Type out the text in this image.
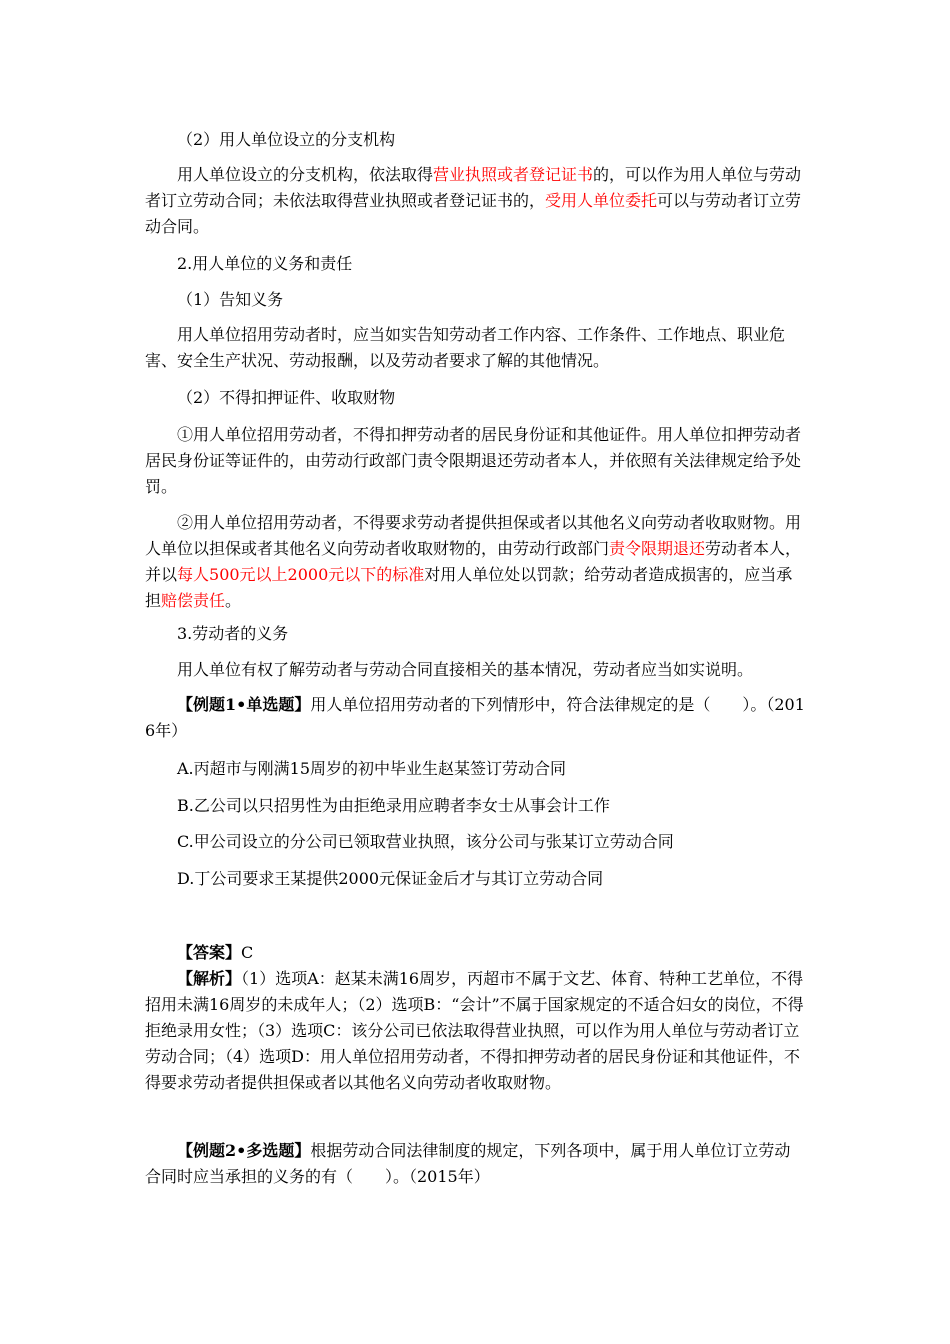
（2）用人单位设立的分支机构

用人单位设立的分支机构，依法取得营业执照或者登记证书的，可以作为用人单位与劳动者订立劳动合同；未依法取得营业执照或者登记证书的，受用人单位委托可以与劳动者订立劳动合同。

2.用人单位的义务和责任

（1）告知义务

用人单位招用劳动者时，应当如实告知劳动者工作内容、工作条件、工作地点、职业危害、安全生产状况、劳动报酬，以及劳动者要求了解的其他情况。

（2）不得扣押证件、收取财物

①用人单位招用劳动者，不得扣押劳动者的居民身份证和其他证件。用人单位扣押劳动者居民身份证等证件的，由劳动行政部门责令限期退还劳动者本人，并依照有关法律规定给予处罚。

②用人单位招用劳动者，不得要求劳动者提供担保或者以其他名义向劳动者收取财物。用人单位以担保或者其他名义向劳动者收取财物的，由劳动行政部门责令限期退还劳动者本人，并以每人500元以上2000元以下的标准对用人单位处以罚款；给劳动者造成损害的，应当承担赔偿责任。

3.劳动者的义务

用人单位有权了解劳动者与劳动合同直接相关的基本情况，劳动者应当如实说明。

【例题1•单选题】用人单位招用劳动者的下列情形中，符合法律规定的是（　　）。（2016年）

A.丙超市与刚满15周岁的初中毕业生赵某签订劳动合同

B.乙公司以只招男性为由拒绝录用应聘者李女士从事会计工作

C.甲公司设立的分公司已领取营业执照，该分公司与张某订立劳动合同

D.丁公司要求王某提供2000元保证金后才与其订立劳动合同

【答案】C

【解析】（1）选项A：赵某未满16周岁，丙超市不属于文艺、体育、特种工艺单位，不得招用未满16周岁的未成年人；（2）选项B：“会计”不属于国家规定的不适合妇女的岗位，不得拒绝录用女性；（3）选项C：该分公司已依法取得营业执照，可以作为用人单位与劳动者订立劳动合同；（4）选项D：用人单位招用劳动者，不得扣押劳动者的居民身份证和其他证件，不得要求劳动者提供担保或者以其他名义向劳动者收取财物。

【例题2•多选题】根据劳动合同法律制度的规定，下列各项中，属于用人单位订立劳动合同时应当承担的义务的有（　　）。（2015年）
